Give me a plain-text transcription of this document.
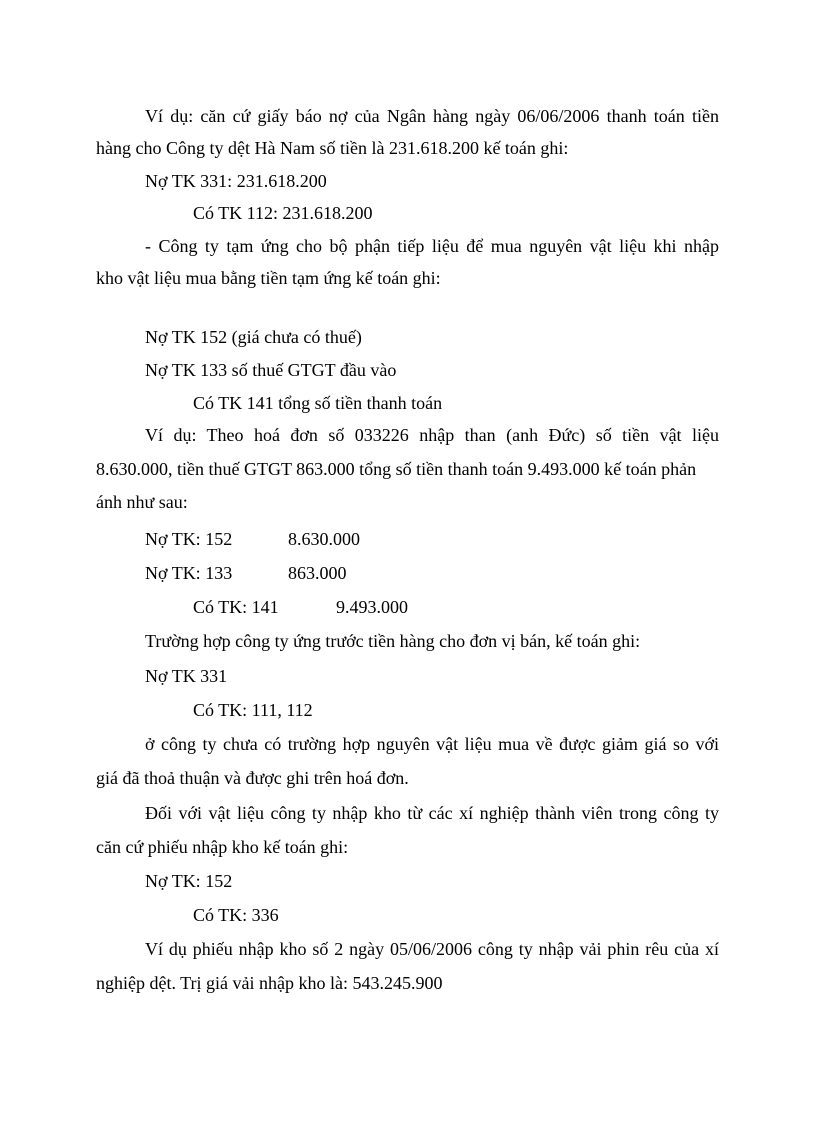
Ví dụ: căn cứ giấy báo nợ của Ngân hàng ngày 06/06/2006 thanh toán tiền
hàng cho Công ty dệt Hà Nam số tiền là 231.618.200 kế toán ghi:
Nợ TK 331: 231.618.200
Có TK 112: 231.618.200
- Công ty tạm ứng cho bộ phận tiếp liệu để mua nguyên vật liệu khi nhập
kho vật liệu mua bằng tiền tạm ứng kế toán ghi:
Nợ TK 152 (giá chưa có thuế)
Nợ TK 133 số thuế GTGT đầu vào
Có TK 141 tổng số tiền thanh toán
Ví dụ: Theo hoá đơn số 033226 nhập than (anh Đức) số tiền vật liệu
8.630.000, tiền thuế GTGT 863.000 tổng số tiền thanh toán 9.493.000 kế toán phản
ánh như sau:
Nợ TK: 152	8.630.000
Nợ TK: 133	863.000
Có TK: 141	9.493.000
Trường hợp công ty ứng trước tiền hàng cho đơn vị bán, kế toán ghi:
Nợ TK 331
Có TK: 111, 112
ở công ty chưa có trường hợp nguyên vật liệu mua về được giảm giá so với
giá đã thoả thuận và được ghi trên hoá đơn.
Đối với vật liệu công ty nhập kho từ các xí nghiệp thành viên trong công ty
căn cứ phiếu nhập kho kế toán ghi:
Nợ TK: 152
Có TK: 336
Ví dụ phiếu nhập kho số 2 ngày 05/06/2006 công ty nhập vải phin rêu của xí
nghiệp dệt. Trị giá vải nhập kho là: 543.245.900
